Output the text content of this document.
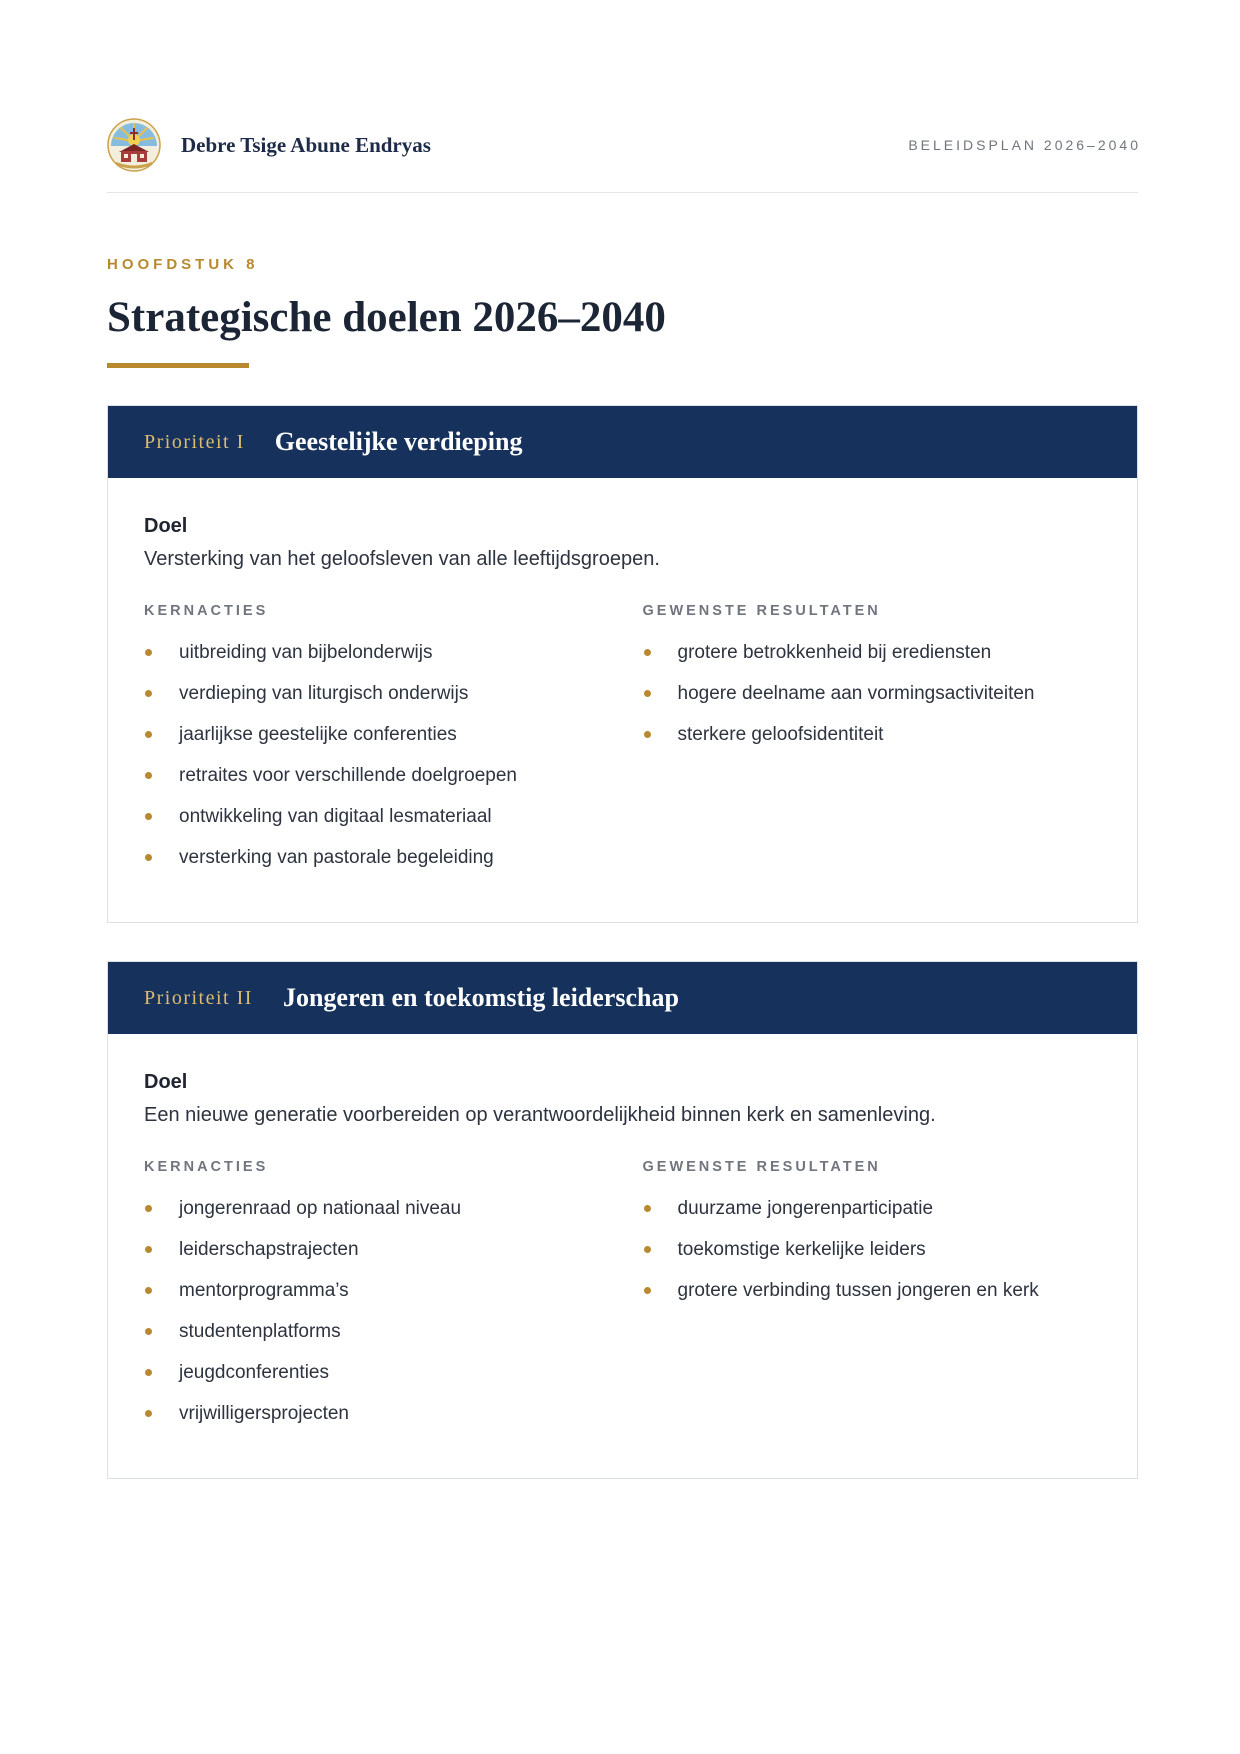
Debre Tsige Abune Endryas	BELEIDSPLAN 2026–2040
HOOFDSTUK 8
Strategische doelen 2026–2040
Prioriteit I Geestelijke verdieping
Doel

Versterking van het geloofsleven van alle leeftijdsgroepen.

KERNACTIES
uitbreiding van bijbelonderwijs
verdieping van liturgisch onderwijs
jaarlijkse geestelijke conferenties
retraites voor verschillende doelgroepen
ontwikkeling van digitaal lesmateriaal
versterking van pastorale begeleiding
GEWENSTE RESULTATEN
grotere betrokkenheid bij erediensten
hogere deelname aan vormingsactiviteiten
sterkere geloofsidentiteit
Prioriteit II Jongeren en toekomstig leiderschap
Doel

Een nieuwe generatie voorbereiden op verantwoordelijkheid binnen kerk en samenleving.

KERNACTIES
jongerenraad op nationaal niveau
leiderschapstrajecten
mentorprogramma’s
studentenplatforms
jeugdconferenties
vrijwilligersprojecten
GEWENSTE RESULTATEN
duurzame jongerenparticipatie
toekomstige kerkelijke leiders
grotere verbinding tussen jongeren en kerk
